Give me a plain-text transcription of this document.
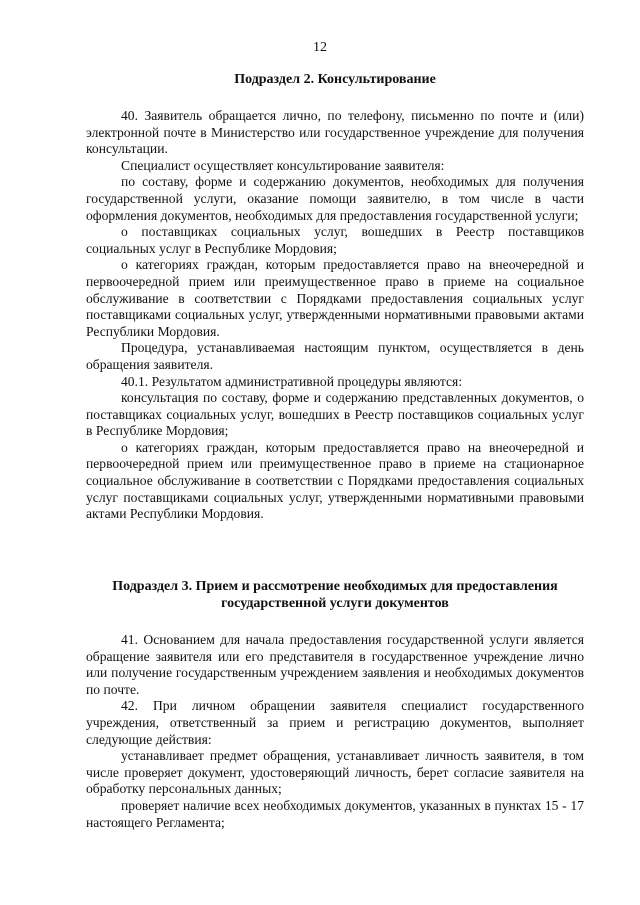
12

Подраздел 2. Консультирование

40. Заявитель обращается лично, по телефону, письменно по почте и (или) электронной почте в Министерство или государственное учреждение для получения консультации.

Специалист осуществляет консультирование заявителя:

по составу, форме и содержанию документов, необходимых для получения государственной услуги, оказание помощи заявителю, в том числе в части оформления документов, необходимых для предоставления государственной услуги;

о поставщиках социальных услуг, вошедших в Реестр поставщиков социальных услуг в Республике Мордовия;

о категориях граждан, которым предоставляется право на внеочередной и первоочередной прием или преимущественное право в приеме на социальное обслуживание в соответствии с Порядками предоставления социальных услуг поставщиками социальных услуг, утвержденными нормативными правовыми актами Республики Мордовия.

Процедура, устанавливаемая настоящим пунктом, осуществляется в день обращения заявителя.

40.1. Результатом административной процедуры являются:

консультация по составу, форме и содержанию представленных документов, о поставщиках социальных услуг, вошедших в Реестр поставщиков социальных услуг в Республике Мордовия;

о категориях граждан, которым предоставляется право на внеочередной и первоочередной прием или преимущественное право в приеме на стационарное социальное обслуживание в соответствии с Порядками предоставления социальных услуг поставщиками социальных услуг, утвержденными нормативными правовыми актами Республики Мордовия.

Подраздел 3. Прием и рассмотрение необходимых для предоставления
государственной услуги документов

41. Основанием для начала предоставления государственной услуги является обращение заявителя или его представителя в государственное учреждение лично или получение государственным учреждением заявления и необходимых документов по почте.

42. При личном обращении заявителя специалист государственного учреждения, ответственный за прием и регистрацию документов, выполняет следующие действия:

устанавливает предмет обращения, устанавливает личность заявителя, в том числе проверяет документ, удостоверяющий личность, берет согласие заявителя на обработку персональных данных;

проверяет наличие всех необходимых документов, указанных в пунктах 15 - 17 настоящего Регламента;
